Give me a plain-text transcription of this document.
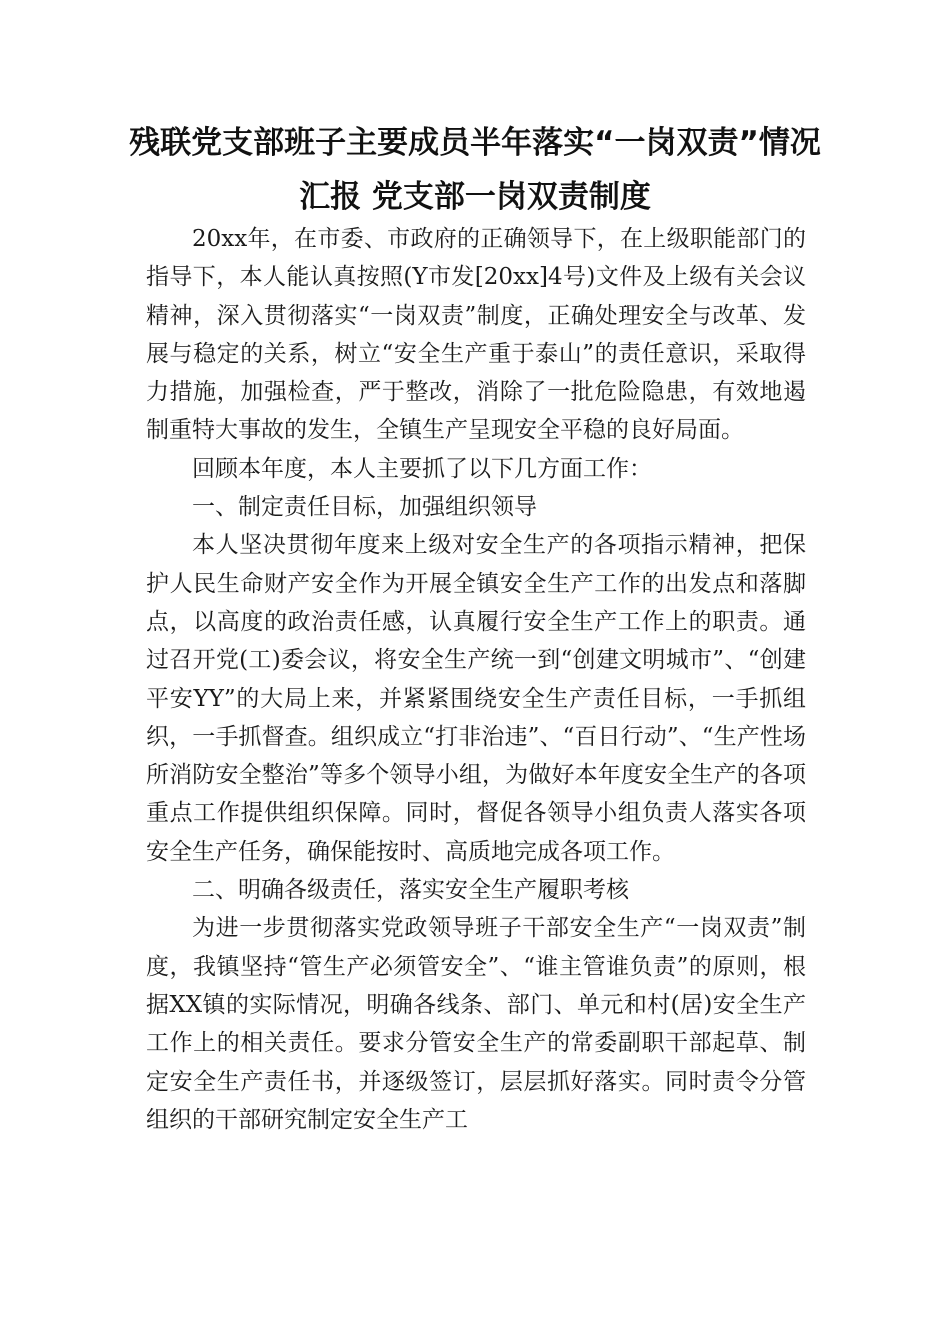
残联党支部班子主要成员半年落实“一岗双责”情况汇报 党支部一岗双责制度

20xx年，在市委、市政府的正确领导下，在上级职能部门的指导下，本人能认真按照(Y市发[20xx]4号)文件及上级有关会议精神，深入贯彻落实“一岗双责”制度，正确处理安全与改革、发展与稳定的关系，树立“安全生产重于泰山”的责任意识，采取得力措施，加强检查，严于整改，消除了一批危险隐患，有效地遏制重特大事故的发生，全镇生产呈现安全平稳的良好局面。

回顾本年度，本人主要抓了以下几方面工作：

一、制定责任目标，加强组织领导

本人坚决贯彻年度来上级对安全生产的各项指示精神，把保护人民生命财产安全作为开展全镇安全生产工作的出发点和落脚点，以高度的政治责任感，认真履行安全生产工作上的职责。通过召开党(工)委会议，将安全生产统一到“创建文明城市”、“创建平安YY”的大局上来，并紧紧围绕安全生产责任目标，一手抓组织，一手抓督查。组织成立“打非治违”、“百日行动”、“生产性场所消防安全整治”等多个领导小组，为做好本年度安全生产的各项重点工作提供组织保障。同时，督促各领导小组负责人落实各项安全生产任务，确保能按时、高质地完成各项工作。

二、明确各级责任，落实安全生产履职考核

为进一步贯彻落实党政领导班子干部安全生产“一岗双责”制度，我镇坚持“管生产必须管安全”、“谁主管谁负责”的原则，根据XX镇的实际情况，明确各线条、部门、单元和村(居)安全生产工作上的相关责任。要求分管安全生产的常委副职干部起草、制定安全生产责任书，并逐级签订，层层抓好落实。同时责令分管组织的干部研究制定安全生产工
